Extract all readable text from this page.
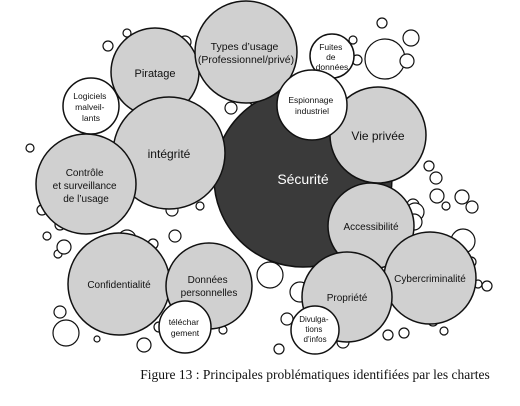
Sécurité
Piratage
Types d’usage (Professionnel/privé)
Fuites de données
Espionnage industriel
Logiciels malveil- lants
intégrité
Vie privée
Contrôle et surveillance de l’usage
Accessibilité
Cybercriminalité
Confidentialité	Données personnelles	Propriété
téléchar gement
Divulga- tions d’infos
Figure 13 : Principales problématiques identifiées par les chartes
